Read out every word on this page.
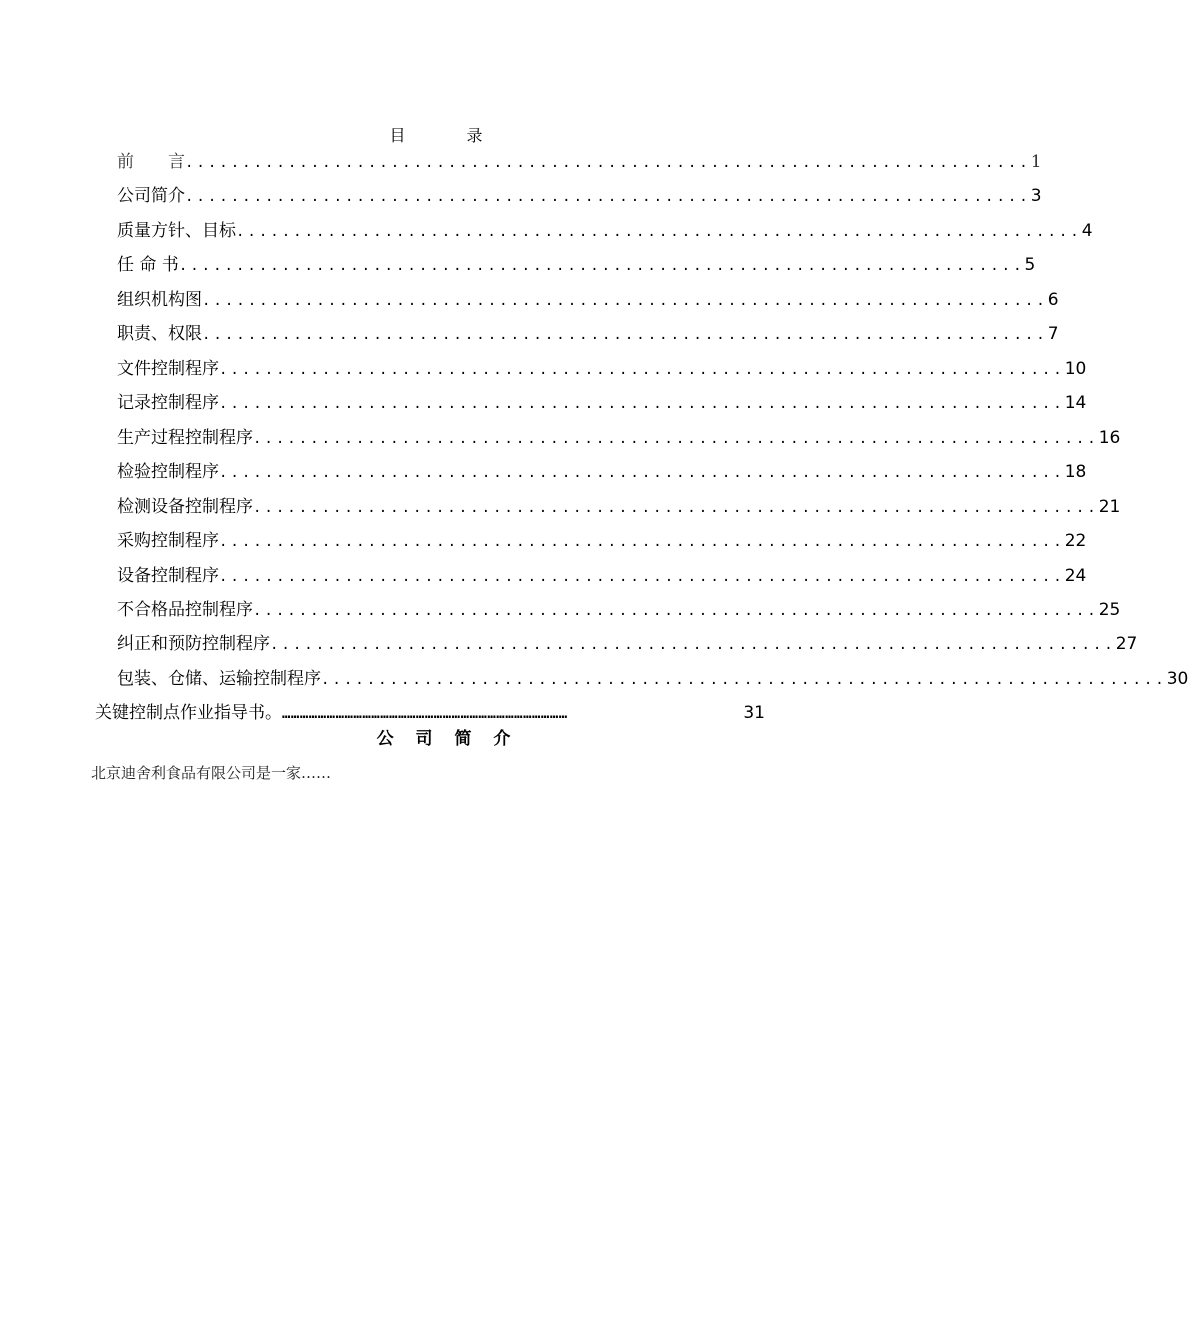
目 录
前　　言 .......................................................................... 1
公司简介 .......................................................................... 3
质量方针、目标 .......................................................................... 4
任 命 书 .......................................................................... 5
组织机构图 .......................................................................... 6
职责、权限 .......................................................................... 7
文件控制程序 .......................................................................... 10
记录控制程序 .......................................................................... 14
生产过程控制程序 .......................................................................... 16
检验控制程序 .......................................................................... 18
检测设备控制程序 .......................................................................... 21
采购控制程序 .......................................................................... 22
设备控制程序 .......................................................................... 24
不合格品控制程序 .......................................................................... 25
纠正和预防控制程序 .......................................................................... 27
包装、仓储、运输控制程序 .......................................................................... 30
关键控制点作业指导书。 ……………………………………………………………………………………	31
公 司 简 介
北京迪舍利食品有限公司是一家……
